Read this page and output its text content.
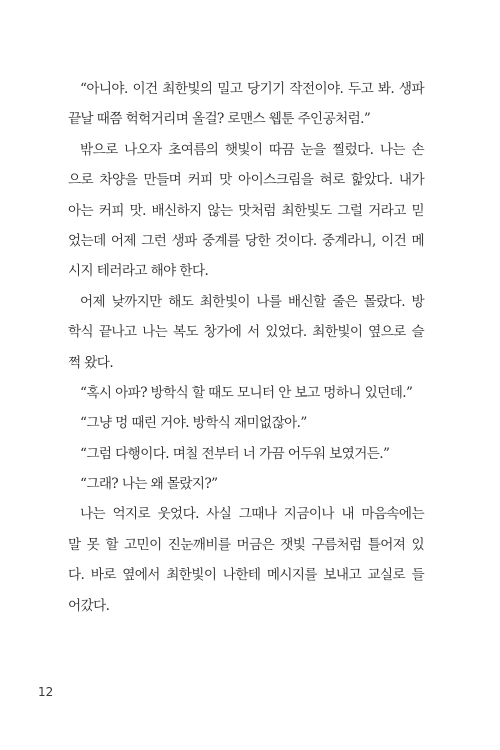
“아니야. 이건 최한빛의 밀고 당기기 작전이야. 두고 봐. 생파
끝날 때쯤 헉헉거리며 올걸? 로맨스 웹툰 주인공처럼.”
밖으로 나오자 초여름의 햇빛이 따끔 눈을 찔렀다. 나는 손
으로 차양을 만들며 커피 맛 아이스크림을 혀로 핥았다. 내가
아는 커피 맛. 배신하지 않는 맛처럼 최한빛도 그럴 거라고 믿
었는데 어제 그런 생파 중계를 당한 것이다. 중계라니, 이건 메
시지 테러라고 해야 한다.
어제 낮까지만 해도 최한빛이 나를 배신할 줄은 몰랐다. 방
학식 끝나고 나는 복도 창가에 서 있었다. 최한빛이 옆으로 슬
쩍 왔다.
“혹시 아파? 방학식 할 때도 모니터 안 보고 멍하니 있던데.”
“그냥 멍 때린 거야. 방학식 재미없잖아.”
“그럼 다행이다. 며칠 전부터 너 가끔 어두워 보였거든.”
“그래? 나는 왜 몰랐지?”
나는 억지로 웃었다. 사실 그때나 지금이나 내 마음속에는
말 못 할 고민이 진눈깨비를 머금은 잿빛 구름처럼 틀어져 있
다. 바로 옆에서 최한빛이 나한테 메시지를 보내고 교실로 들
어갔다.
12
